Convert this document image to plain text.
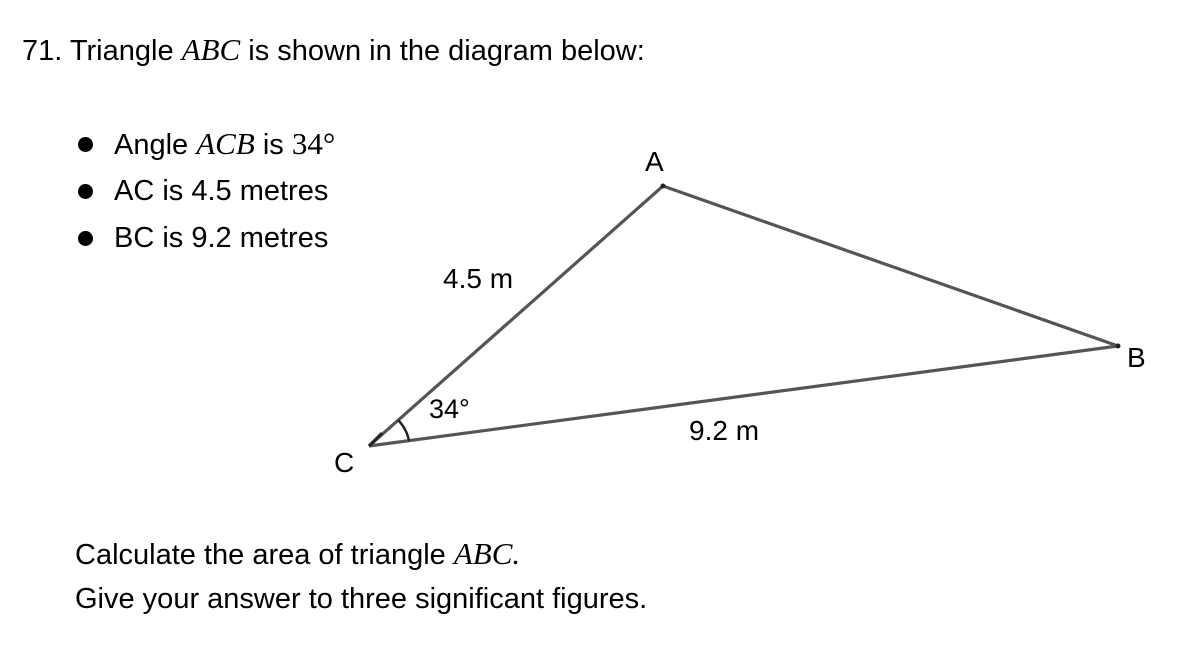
71. Triangle ABC is shown in the diagram below:
Angle ACB is 34°
AC is 4.5 metres
BC is 9.2 metres
A
B
C
4.5 m
9.2 m
34°
Calculate the area of triangle ABC.
Give your answer to three significant figures.
